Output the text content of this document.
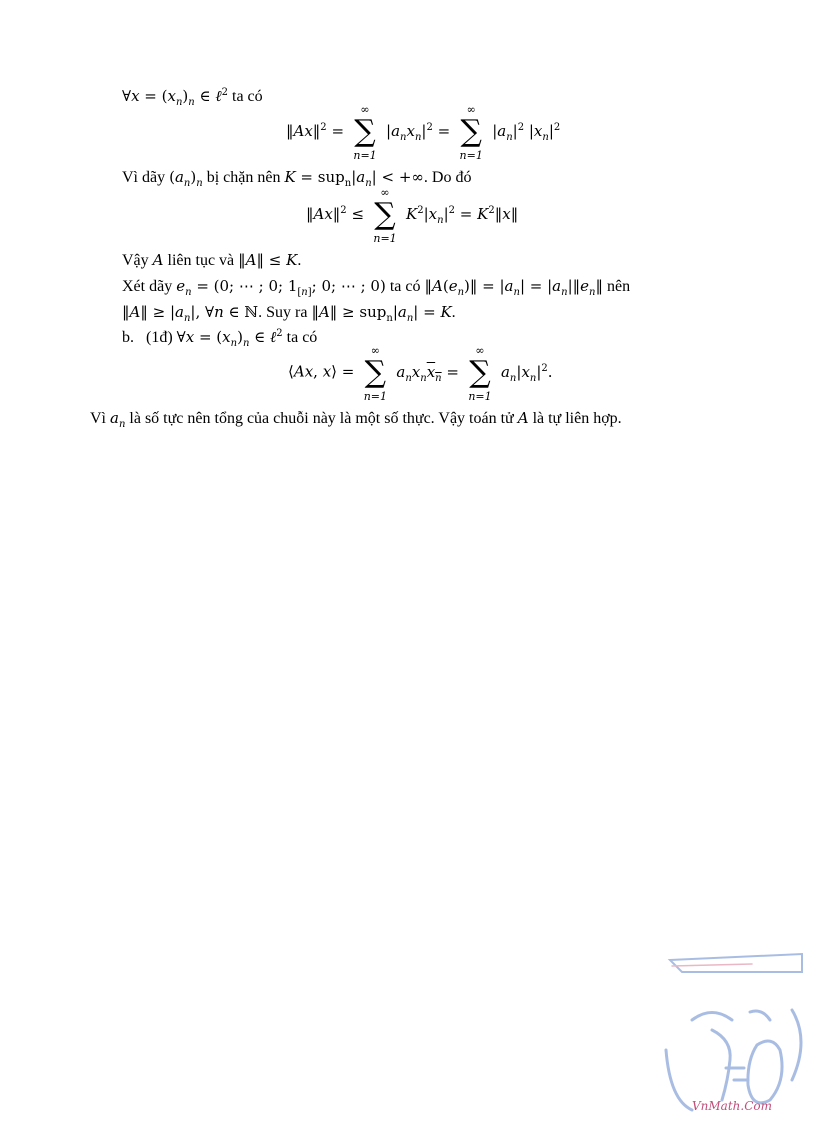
∀x = $(x_n)_n$ ∈ ℓ$^2$ ta có
‖Ax‖$^2$ =
∞
∑
n=1
$|a_nx_n|^2$ =
∞
∑
n=1
$|a_n|^2$ $|x_n|^2$
Vì dãy $(a_n)_n$ bị chặn nên $K = sup_n|a_n|$ < +∞. Do đó
‖Ax‖$^2$ ≤
∞
∑
n=1
$K^2|x_n|^2$ = $K^2‖x‖$
Vậy A liên tục và ‖A‖ ≤ K.
Xét dãy $e_n = (0$; ⋯ ; 0; $1_{[n]}$; 0; ⋯ ; 0) ta có $‖A(e_n)‖ = |a_n|$ = $|a_n|‖e_n‖$ nên
‖A‖ ≥ $|a_n|$, ∀n ∈ ℕ. Suy ra ‖A‖ ≥ $sup_n|a_n| = K$.
b.   (1đ) ∀x = $(x_n)_n$ ∈ ℓ$^2$ ta có
⟨Ax, x⟩ =
∞
∑
n=1
$a_nx_nx_n$ =
∞
∑
n=1
$a_n|x_n|^2$.
Vì $a_n$ là số tực nên tổng của chuỗi này là một số thực. Vậy toán tử A là tự liên hợp.
VnMath.Com
